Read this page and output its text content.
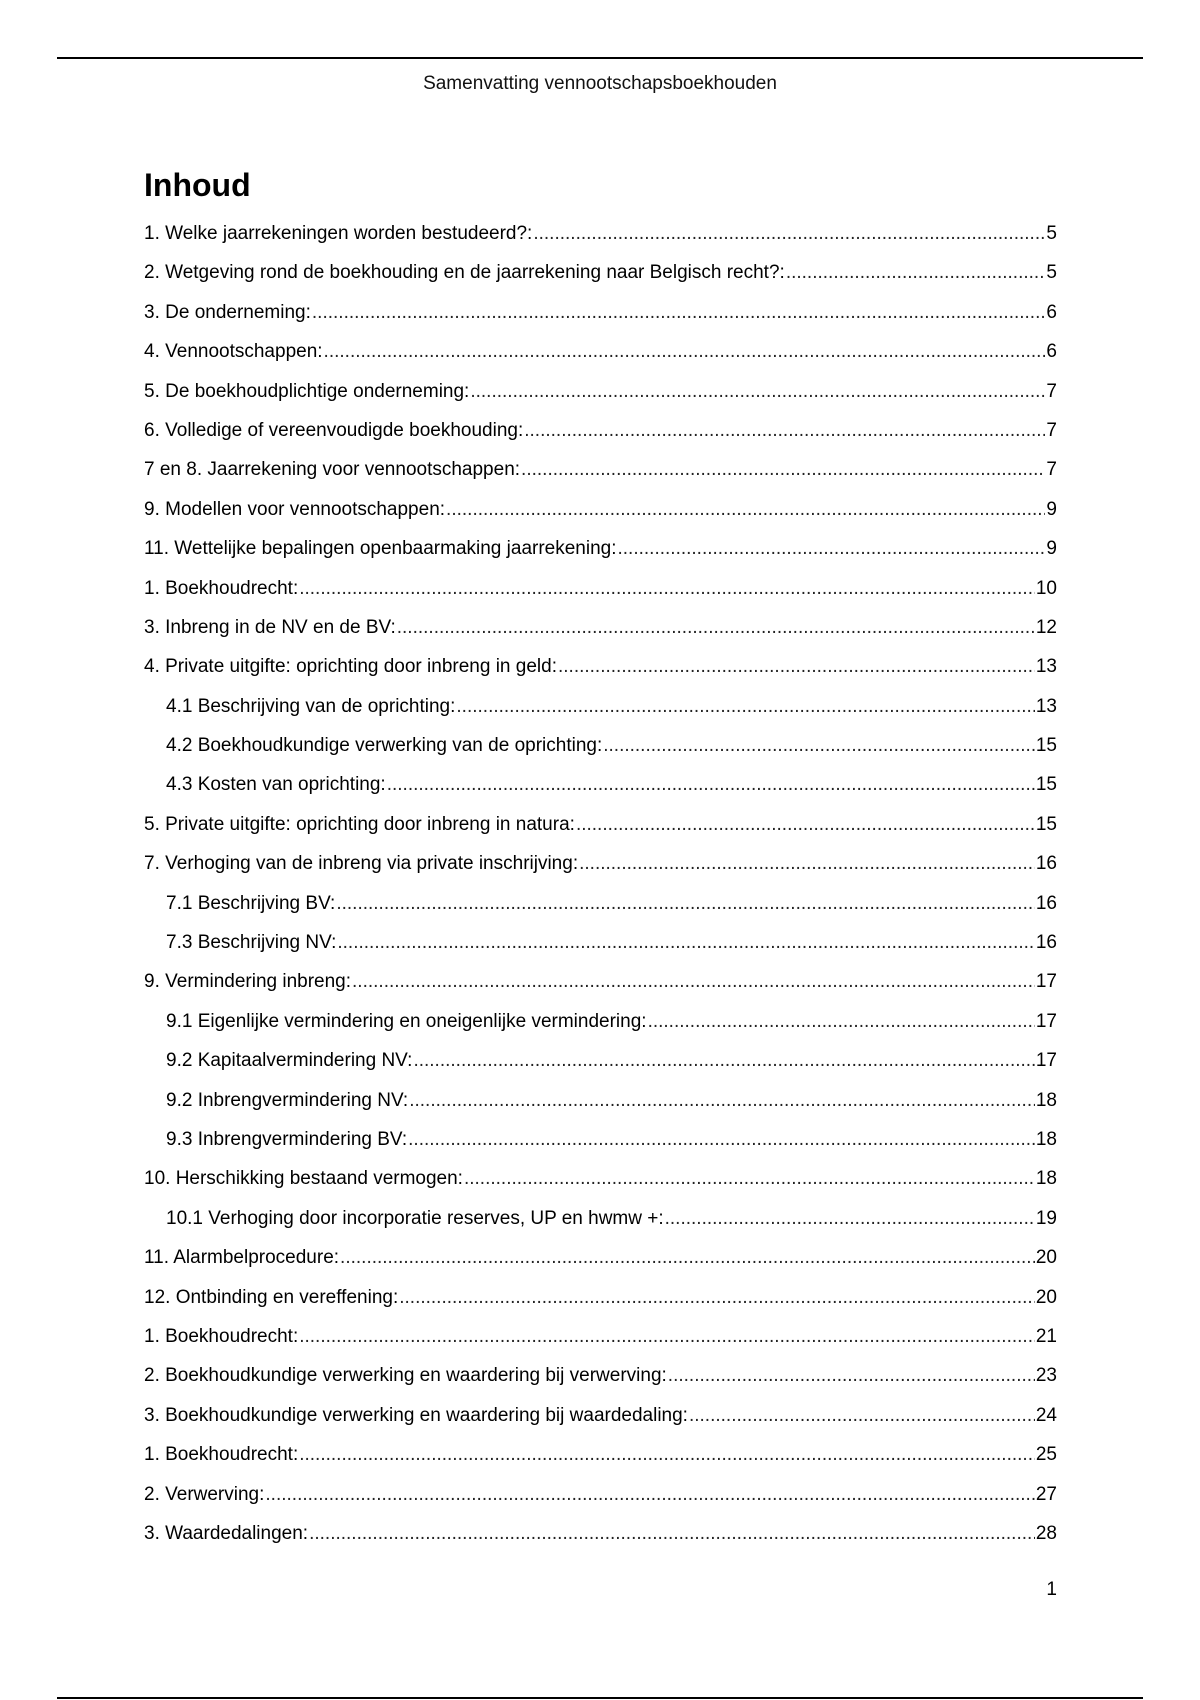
Samenvatting vennootschapsboekhouden
Inhoud
1. Welke jaarrekeningen worden bestudeerd?: .....	5
2. Wetgeving rond de boekhouding en de jaarrekening naar Belgisch recht?: .....	5
3. De onderneming: .....	6
4. Vennootschappen: .....	6
5. De boekhoudplichtige onderneming: .....	7
6. Volledige of vereenvoudigde boekhouding: .....	7
7 en 8. Jaarrekening voor vennootschappen: .....	7
9. Modellen voor vennootschappen: .....	9
11. Wettelijke bepalingen openbaarmaking jaarrekening: .....	9
1. Boekhoudrecht: .....	10
3. Inbreng in de NV en de BV: .....	12
4. Private uitgifte: oprichting door inbreng in geld: .....	13
4.1 Beschrijving van de oprichting: .....	13
4.2 Boekhoudkundige verwerking van de oprichting: .....	15
4.3 Kosten van oprichting: .....	15
5. Private uitgifte: oprichting door inbreng in natura: .....	15
7. Verhoging van de inbreng via private inschrijving: .....	16
7.1 Beschrijving BV: .....	16
7.3 Beschrijving NV: .....	16
9. Vermindering inbreng: .....	17
9.1 Eigenlijke vermindering en oneigenlijke vermindering: .....	17
9.2 Kapitaalvermindering NV: .....	17
9.2 Inbrengvermindering NV: .....	18
9.3 Inbrengvermindering BV: .....	18
10. Herschikking bestaand vermogen: .....	18
10.1 Verhoging door incorporatie reserves, UP en hwmw +: .....	19
11. Alarmbelprocedure: .....	20
12. Ontbinding en vereffening: .....	20
1. Boekhoudrecht: .....	21
2. Boekhoudkundige verwerking en waardering bij verwerving: .....	23
3. Boekhoudkundige verwerking en waardering bij waardedaling: .....	24
1. Boekhoudrecht: .....	25
2. Verwerving: .....	27
3. Waardedalingen: .....	28
1
